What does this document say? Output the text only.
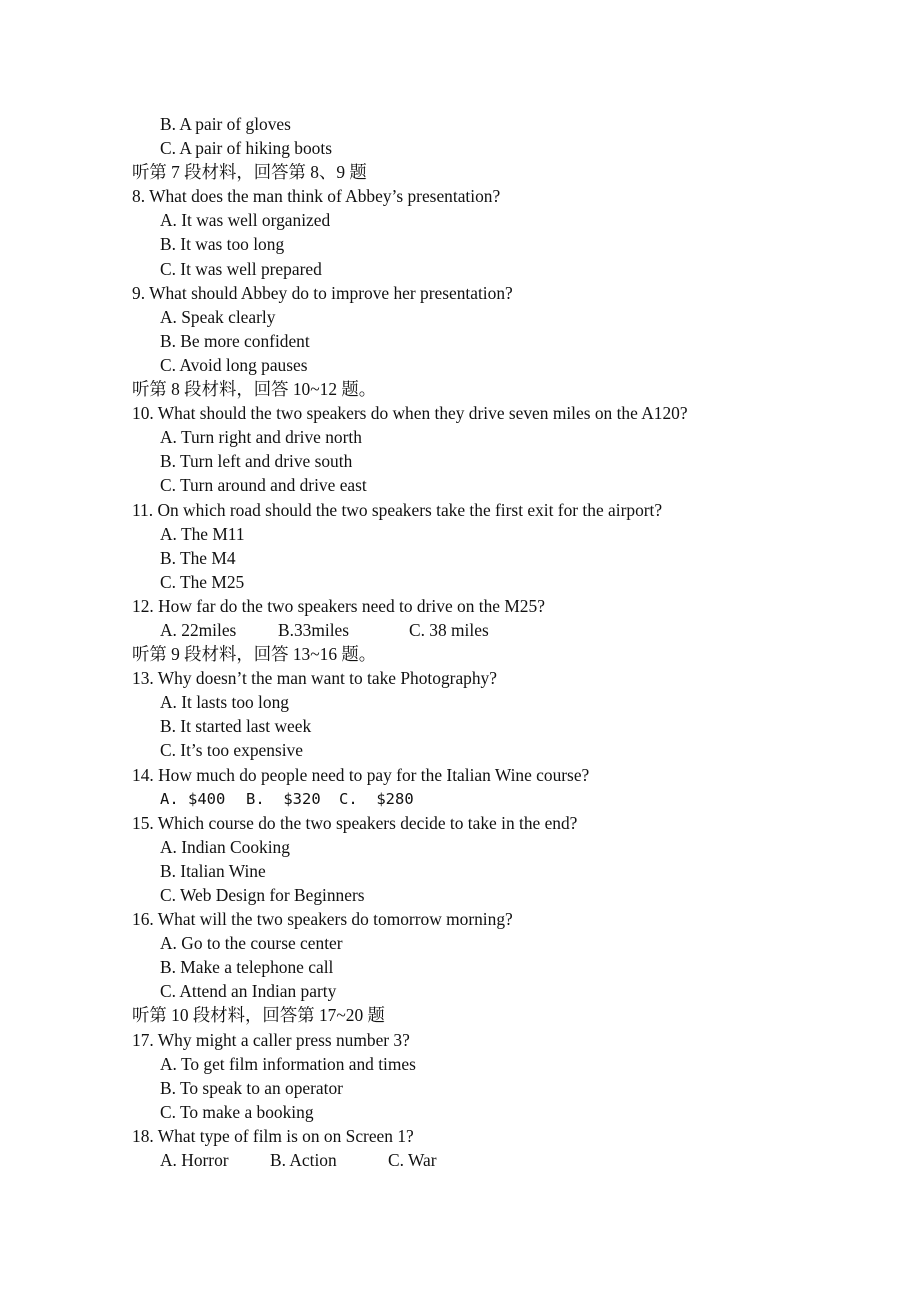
B. A pair of gloves
C. A pair of hiking boots
听第 7 段材料，回答第 8、9 题
8. What does the man think of Abbey’s presentation?
A. It was well organized
B. It was too long
C. It was well prepared
9. What should Abbey do to improve her presentation?
A. Speak clearly
B. Be more confident
C. Avoid long pauses
听第 8 段材料，回答 10~12 题。
10. What should the two speakers do when they drive seven miles on the A120?
A. Turn right and drive north
B. Turn left and drive south
C. Turn around and drive east
11. On which road should the two speakers take the first exit for the airport?
A. The M11
B. The M4
C. The M25
12. How far do the two speakers need to drive on the M25?
A. 22miles	B.33miles	C. 38 miles
听第 9 段材料，回答 13~16 题。
13. Why doesn’t the man want to take Photography?
A. It lasts too long
B. It started last week
C. It’s too expensive
14. How much do people need to pay for the Italian Wine course?
A. $400	B.  $320	C.  $280
15. Which course do the two speakers decide to take in the end?
A. Indian Cooking
B. Italian Wine
C. Web Design for Beginners
16. What will the two speakers do tomorrow morning?
A. Go to the course center
B. Make a telephone call
C. Attend an Indian party
听第 10 段材料，回答第 17~20 题
17. Why might a caller press number 3?
A. To get film information and times
B. To speak to an operator
C. To make a booking
18. What type of film is on on Screen 1?
A. Horror	B. Action	C. War
